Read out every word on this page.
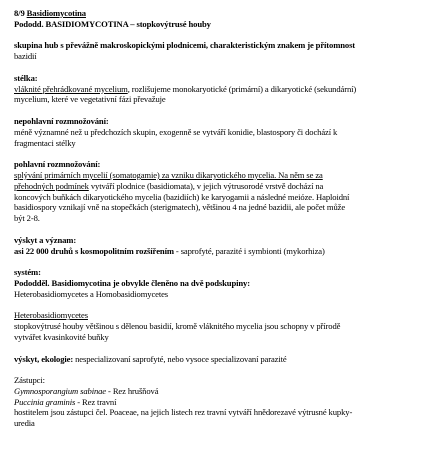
8/9 Basidiomycotina
Pododd. BASIDIOMYCOTINA – stopkovýtrusé houby
skupina hub s převážně makroskopickými plodnicemi, charakteristickým znakem je přítomnost
bazidií
stélka:
vláknité přehrádkované mycelium, rozlišujeme monokaryotické (primární) a dikaryotické (sekundární)
mycelium, které ve vegetativní fázi převažuje
nepohlavní rozmnožování:
méně významné než u předchozích skupin, exogenně se vytváří konidie, blastospory či dochází k
fragmentaci stélky
pohlavní rozmnožování:
splývání primárních mycelií (somatogamie) za vzniku dikaryotického mycelia. Na něm se za
přehodných podmínek vytváří plodnice (basidiomata), v jejich výtrusorodé vrstvě dochází na
koncových buňkách dikaryotického mycelia (bazidiích) ke karyogamii a následné meióze. Haploidní
basidiospory vznikají vně na stopečkách (sterigmatech), většinou 4 na jedné bazidii, ale počet může
být 2-8.
výskyt a význam:
asi 22 000 druhů s kosmopolitním rozšířením - saprofyté, parazité i symbionti (mykorhiza)
systém:
Pododděl. Basidiomycotina je obvykle členěno na dvě podskupiny:
Heterobasidiomycetes a Homobasidiomycetes
Heterobasidiomycetes
stopkovýtrusé houby většinou s dělenou basidií, kromě vláknitého mycelia jsou schopny v přírodě
vytvářet kvasinkovité buňky
výskyt, ekologie: nespecializovaní saprofyté, nebo vysoce specializovaní parazité
Zástupci:
Gymnosporangium sabinae - Rez hrušňová
Puccinia graminis - Rez travní
hostitelem jsou zástupci čel. Poaceae, na jejich listech rez travní vytváří hnědorezavé výtrusné kupky-
uredia
